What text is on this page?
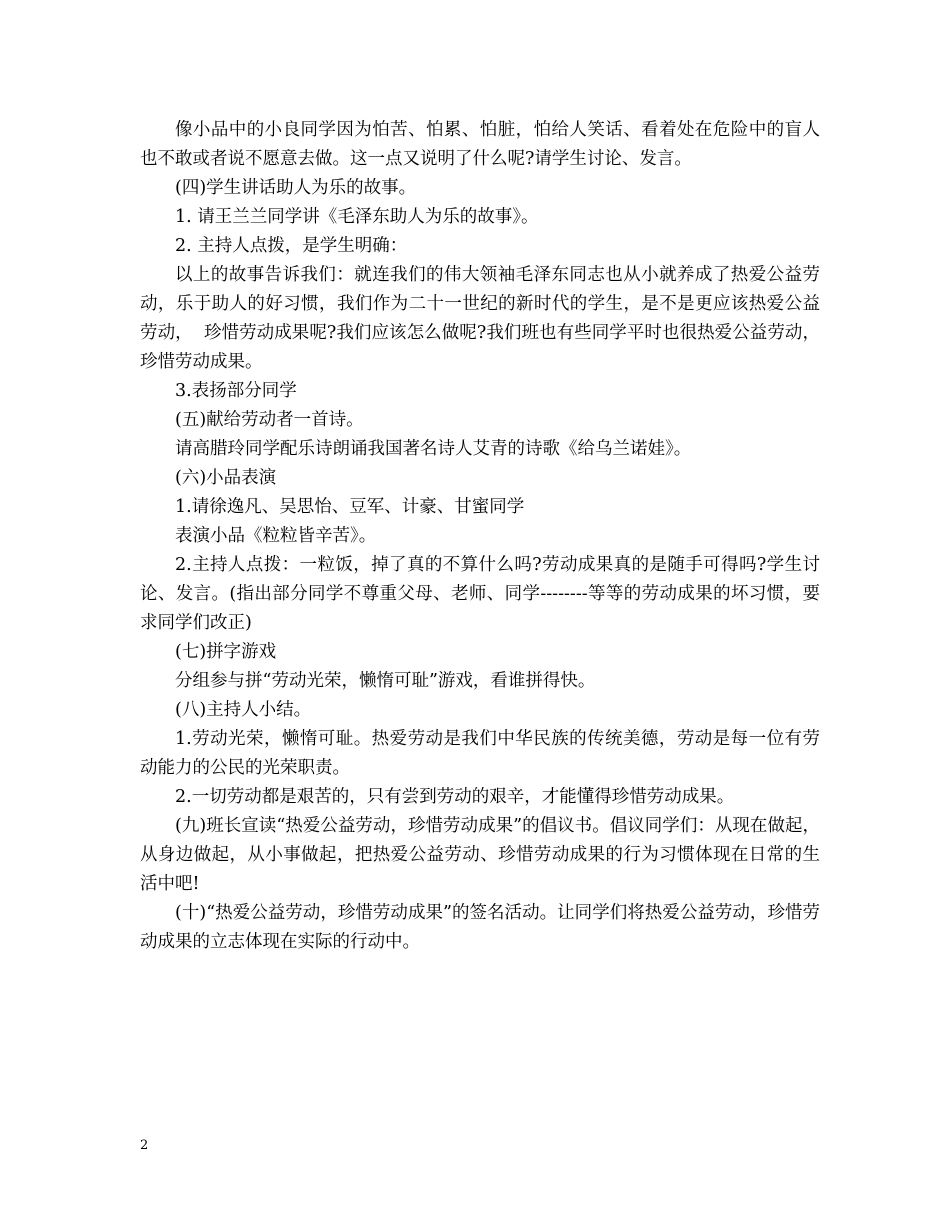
像小品中的小良同学因为怕苦、怕累、怕脏，怕给人笑话、看着处在危险中的盲人也不敢或者说不愿意去做。这一点又说明了什么呢?请学生讨论、发言。

(四)学生讲话助人为乐的故事。

1. 请王兰兰同学讲《毛泽东助人为乐的故事》。

2. 主持人点拨，是学生明确：

以上的故事告诉我们：就连我们的伟大领袖毛泽东同志也从小就养成了热爱公益劳动，乐于助人的好习惯，我们作为二十一世纪的新时代的学生，是不是更应该热爱公益劳动，  珍惜劳动成果呢?我们应该怎么做呢?我们班也有些同学平时也很热爱公益劳动，珍惜劳动成果。

3.表扬部分同学

(五)献给劳动者一首诗。

请高腊玲同学配乐诗朗诵我国著名诗人艾青的诗歌《给乌兰诺娃》。

(六)小品表演

1.请徐逸凡、吴思怡、豆军、计豪、甘蜜同学

表演小品《粒粒皆辛苦》。

2.主持人点拨：一粒饭，掉了真的不算什么吗?劳动成果真的是随手可得吗?学生讨论、发言。(指出部分同学不尊重父母、老师、同学--------等等的劳动成果的坏习惯，要求同学们改正)

(七)拼字游戏

分组参与拼“劳动光荣，懒惰可耻”游戏，看谁拼得快。

(八)主持人小结。

1.劳动光荣，懒惰可耻。热爱劳动是我们中华民族的传统美德，劳动是每一位有劳动能力的公民的光荣职责。

2.一切劳动都是艰苦的，只有尝到劳动的艰辛，才能懂得珍惜劳动成果。

(九)班长宣读“热爱公益劳动，珍惜劳动成果”的倡议书。倡议同学们：从现在做起，从身边做起，从小事做起，把热爱公益劳动、珍惜劳动成果的行为习惯体现在日常的生活中吧!

(十)“热爱公益劳动，珍惜劳动成果”的签名活动。让同学们将热爱公益劳动，珍惜劳动成果的立志体现在实际的行动中。

2
